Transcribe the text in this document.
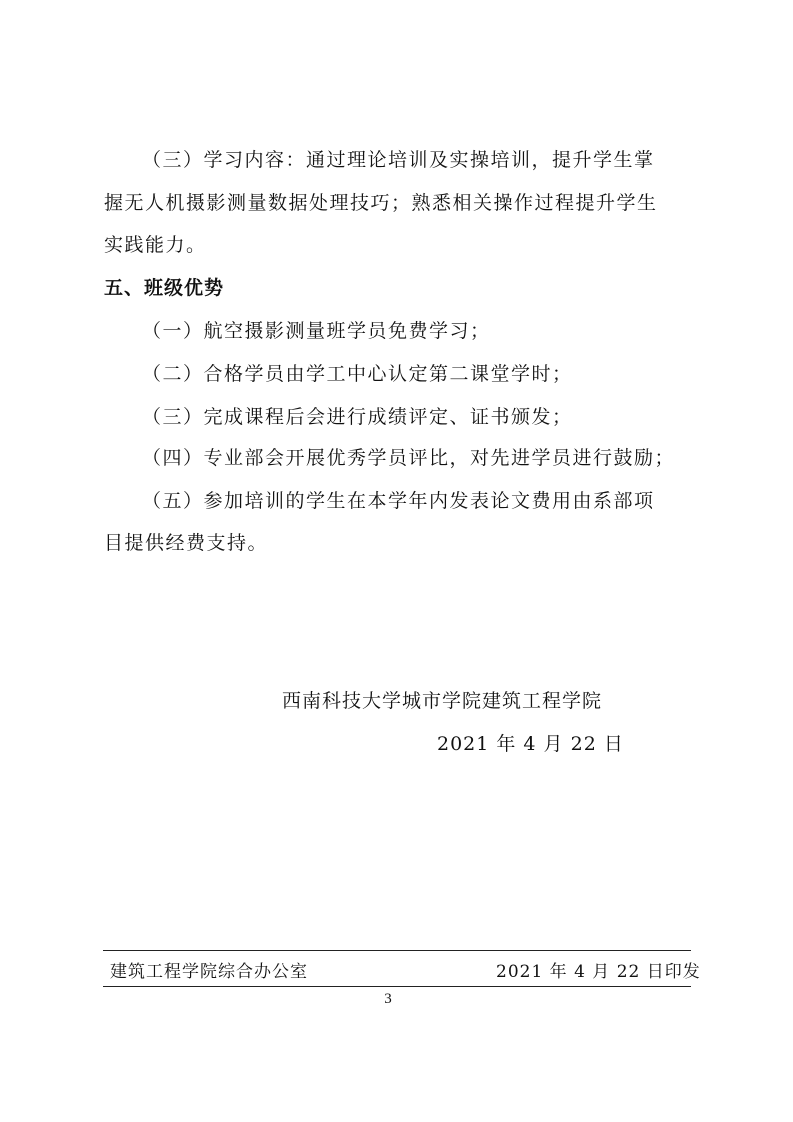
（三）学习内容：通过理论培训及实操培训，提升学生掌
握无人机摄影测量数据处理技巧；熟悉相关操作过程提升学生
实践能力。
五、班级优势
（一）航空摄影测量班学员免费学习；
（二）合格学员由学工中心认定第二课堂学时；
（三）完成课程后会进行成绩评定、证书颁发；
（四）专业部会开展优秀学员评比，对先进学员进行鼓励；
（五）参加培训的学生在本学年内发表论文费用由系部项
目提供经费支持。
西南科技大学城市学院建筑工程学院
2021 年 4 月 22 日
建筑工程学院综合办公室	2021 年 4 月 22 日印发
3
